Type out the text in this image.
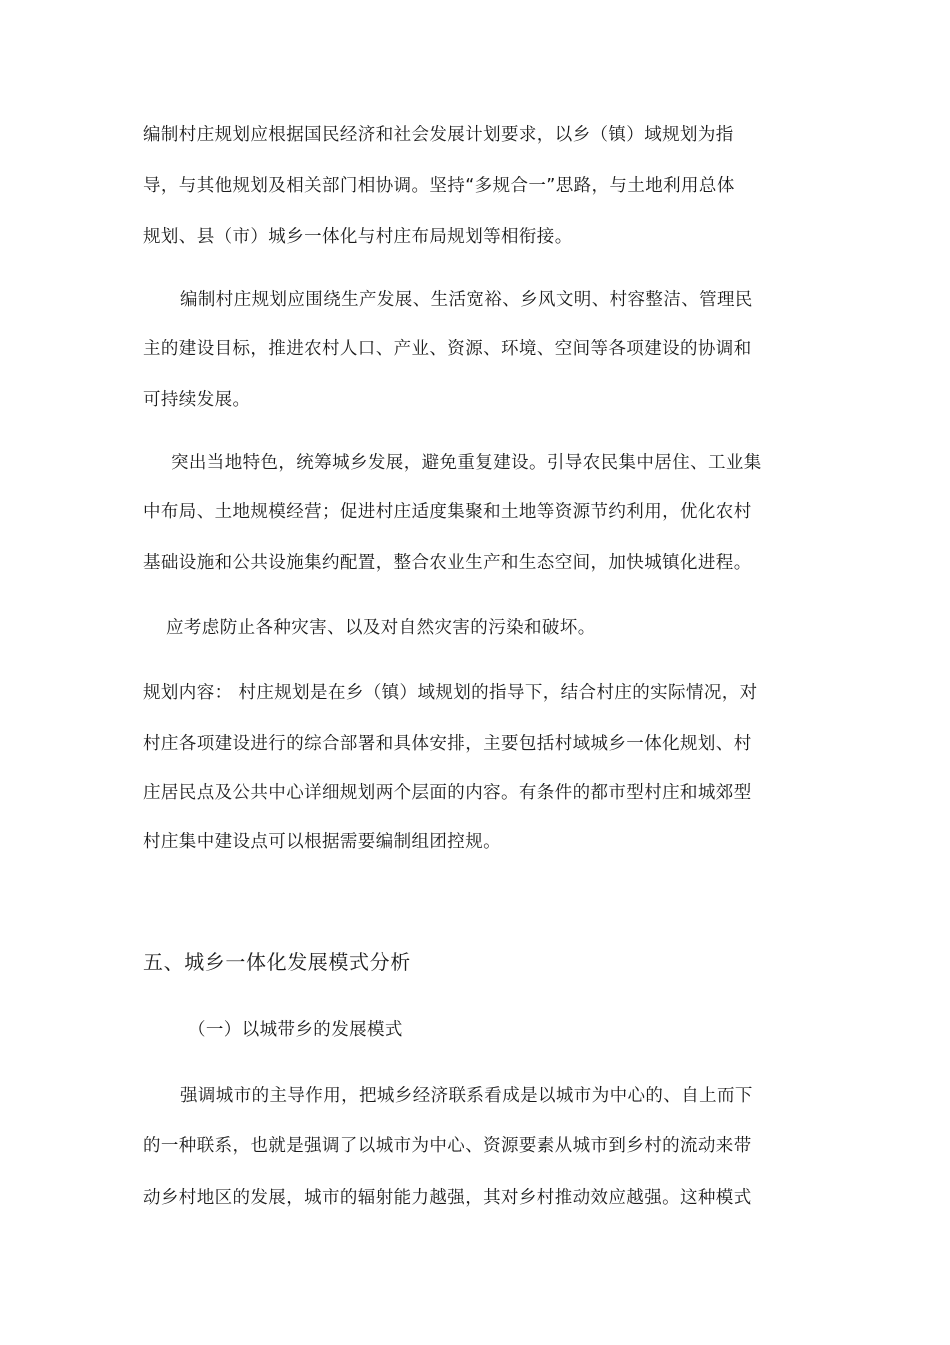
编制村庄规划应根据国民经济和社会发展计划要求，以乡（镇）域规划为指
导，与其他规划及相关部门相协调。坚持“多规合一”思路，与土地利用总体
规划、县（市）城乡一体化与村庄布局规划等相衔接。
编制村庄规划应围绕生产发展、生活宽裕、乡风文明、村容整洁、管理民
主的建设目标，推进农村人口、产业、资源、环境、空间等各项建设的协调和
可持续发展。
突出当地特色，统筹城乡发展，避免重复建设。引导农民集中居住、工业集
中布局、土地规模经营；促进村庄适度集聚和土地等资源节约利用，优化农村
基础设施和公共设施集约配置，整合农业生产和生态空间，加快城镇化进程。
应考虑防止各种灾害、以及对自然灾害的污染和破坏。
规划内容： 村庄规划是在乡（镇）域规划的指导下，结合村庄的实际情况，对
村庄各项建设进行的综合部署和具体安排，主要包括村域城乡一体化规划、村
庄居民点及公共中心详细规划两个层面的内容。有条件的都市型村庄和城郊型
村庄集中建设点可以根据需要编制组团控规。
五、城乡一体化发展模式分析
（一）以城带乡的发展模式
强调城市的主导作用，把城乡经济联系看成是以城市为中心的、自上而下
的一种联系，也就是强调了以城市为中心、资源要素从城市到乡村的流动来带
动乡村地区的发展，城市的辐射能力越强，其对乡村推动效应越强。这种模式
